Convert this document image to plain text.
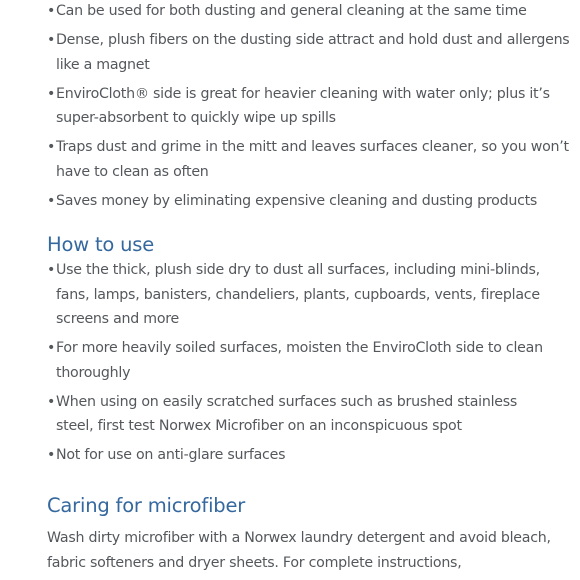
• Can be used for both dusting and general cleaning at the same time
• Dense, plush fibers on the dusting side attract and hold dust and allergens like a magnet
• EnviroCloth® side is great for heavier cleaning with water only; plus it’s super-absorbent to quickly wipe up spills
• Traps dust and grime in the mitt and leaves surfaces cleaner, so you won’t have to clean as often
• Saves money by eliminating expensive cleaning and dusting products
How to use
• Use the thick, plush side dry to dust all surfaces, including mini-blinds, fans, lamps, banisters, chandeliers, plants, cupboards, vents, fireplace screens and more
• For more heavily soiled surfaces, moisten the EnviroCloth side to clean thoroughly
• When using on easily scratched surfaces such as brushed stainless steel, first test Norwex Microfiber on an inconspicuous spot
• Not for use on anti-glare surfaces
Caring for microfiber

Wash dirty microfiber with a Norwex laundry detergent and avoid bleach, fabric softeners and dryer sheets. For complete instructions,
